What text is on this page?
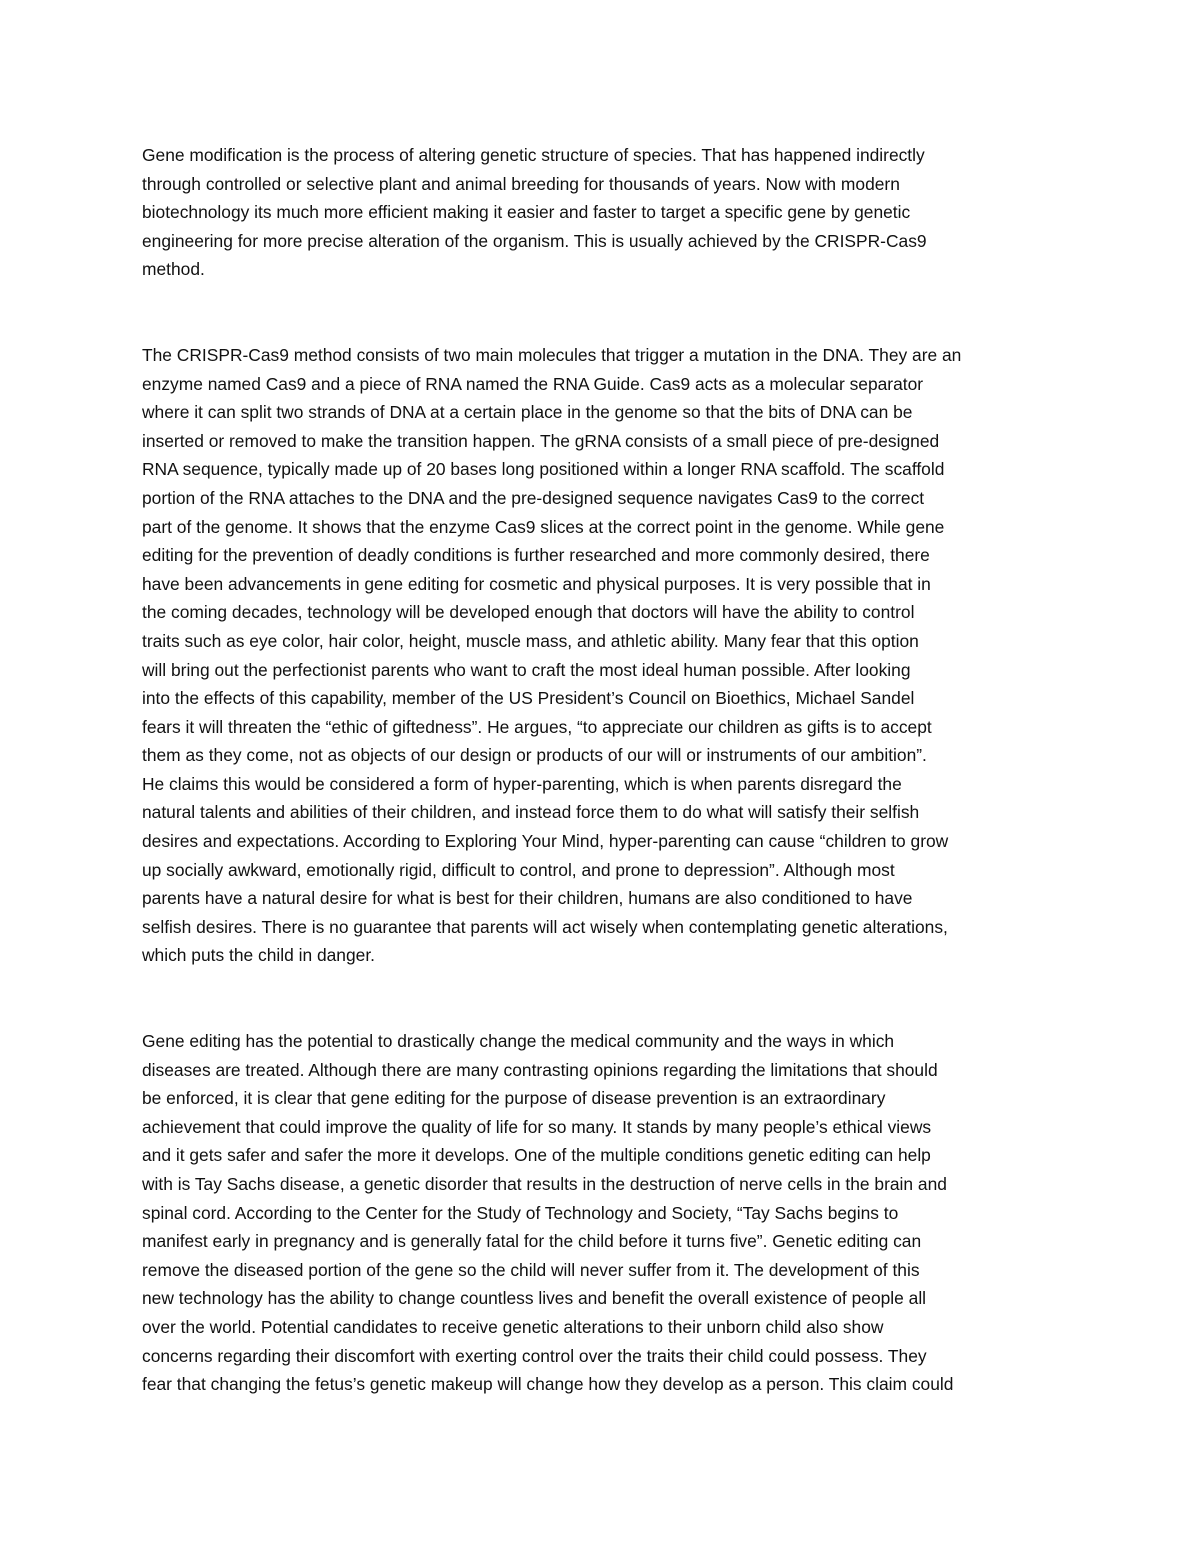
Gene modification is the process of altering genetic structure of species. That has happened indirectly
through controlled or selective plant and animal breeding for thousands of years. Now with modern
biotechnology its much more efficient making it easier and faster to target a specific gene by genetic
engineering for more precise alteration of the organism. This is usually achieved by the CRISPR-Cas9
method.

The CRISPR-Cas9 method consists of two main molecules that trigger a mutation in the DNA. They are an
enzyme named Cas9 and a piece of RNA named the RNA Guide. Cas9 acts as a molecular separator
where it can split two strands of DNA at a certain place in the genome so that the bits of DNA can be
inserted or removed to make the transition happen. The gRNA consists of a small piece of pre-designed
RNA sequence, typically made up of 20 bases long positioned within a longer RNA scaffold. The scaffold
portion of the RNA attaches to the DNA and the pre-designed sequence navigates Cas9 to the correct
part of the genome. It shows that the enzyme Cas9 slices at the correct point in the genome. While gene
editing for the prevention of deadly conditions is further researched and more commonly desired, there
have been advancements in gene editing for cosmetic and physical purposes. It is very possible that in
the coming decades, technology will be developed enough that doctors will have the ability to control
traits such as eye color, hair color, height, muscle mass, and athletic ability. Many fear that this option
will bring out the perfectionist parents who want to craft the most ideal human possible. After looking
into the effects of this capability, member of the US President’s Council on Bioethics, Michael Sandel
fears it will threaten the “ethic of giftedness”. He argues, “to appreciate our children as gifts is to accept
them as they come, not as objects of our design or products of our will or instruments of our ambition”.
He claims this would be considered a form of hyper-parenting, which is when parents disregard the
natural talents and abilities of their children, and instead force them to do what will satisfy their selfish
desires and expectations. According to Exploring Your Mind, hyper-parenting can cause “children to grow
up socially awkward, emotionally rigid, difficult to control, and prone to depression”. Although most
parents have a natural desire for what is best for their children, humans are also conditioned to have
selfish desires. There is no guarantee that parents will act wisely when contemplating genetic alterations,
which puts the child in danger.

Gene editing has the potential to drastically change the medical community and the ways in which
diseases are treated. Although there are many contrasting opinions regarding the limitations that should
be enforced, it is clear that gene editing for the purpose of disease prevention is an extraordinary
achievement that could improve the quality of life for so many. It stands by many people’s ethical views
and it gets safer and safer the more it develops. One of the multiple conditions genetic editing can help
with is Tay Sachs disease, a genetic disorder that results in the destruction of nerve cells in the brain and
spinal cord. According to the Center for the Study of Technology and Society, “Tay Sachs begins to
manifest early in pregnancy and is generally fatal for the child before it turns five”. Genetic editing can
remove the diseased portion of the gene so the child will never suffer from it. The development of this
new technology has the ability to change countless lives and benefit the overall existence of people all
over the world. Potential candidates to receive genetic alterations to their unborn child also show
concerns regarding their discomfort with exerting control over the traits their child could possess. They
fear that changing the fetus’s genetic makeup will change how they develop as a person. This claim could
